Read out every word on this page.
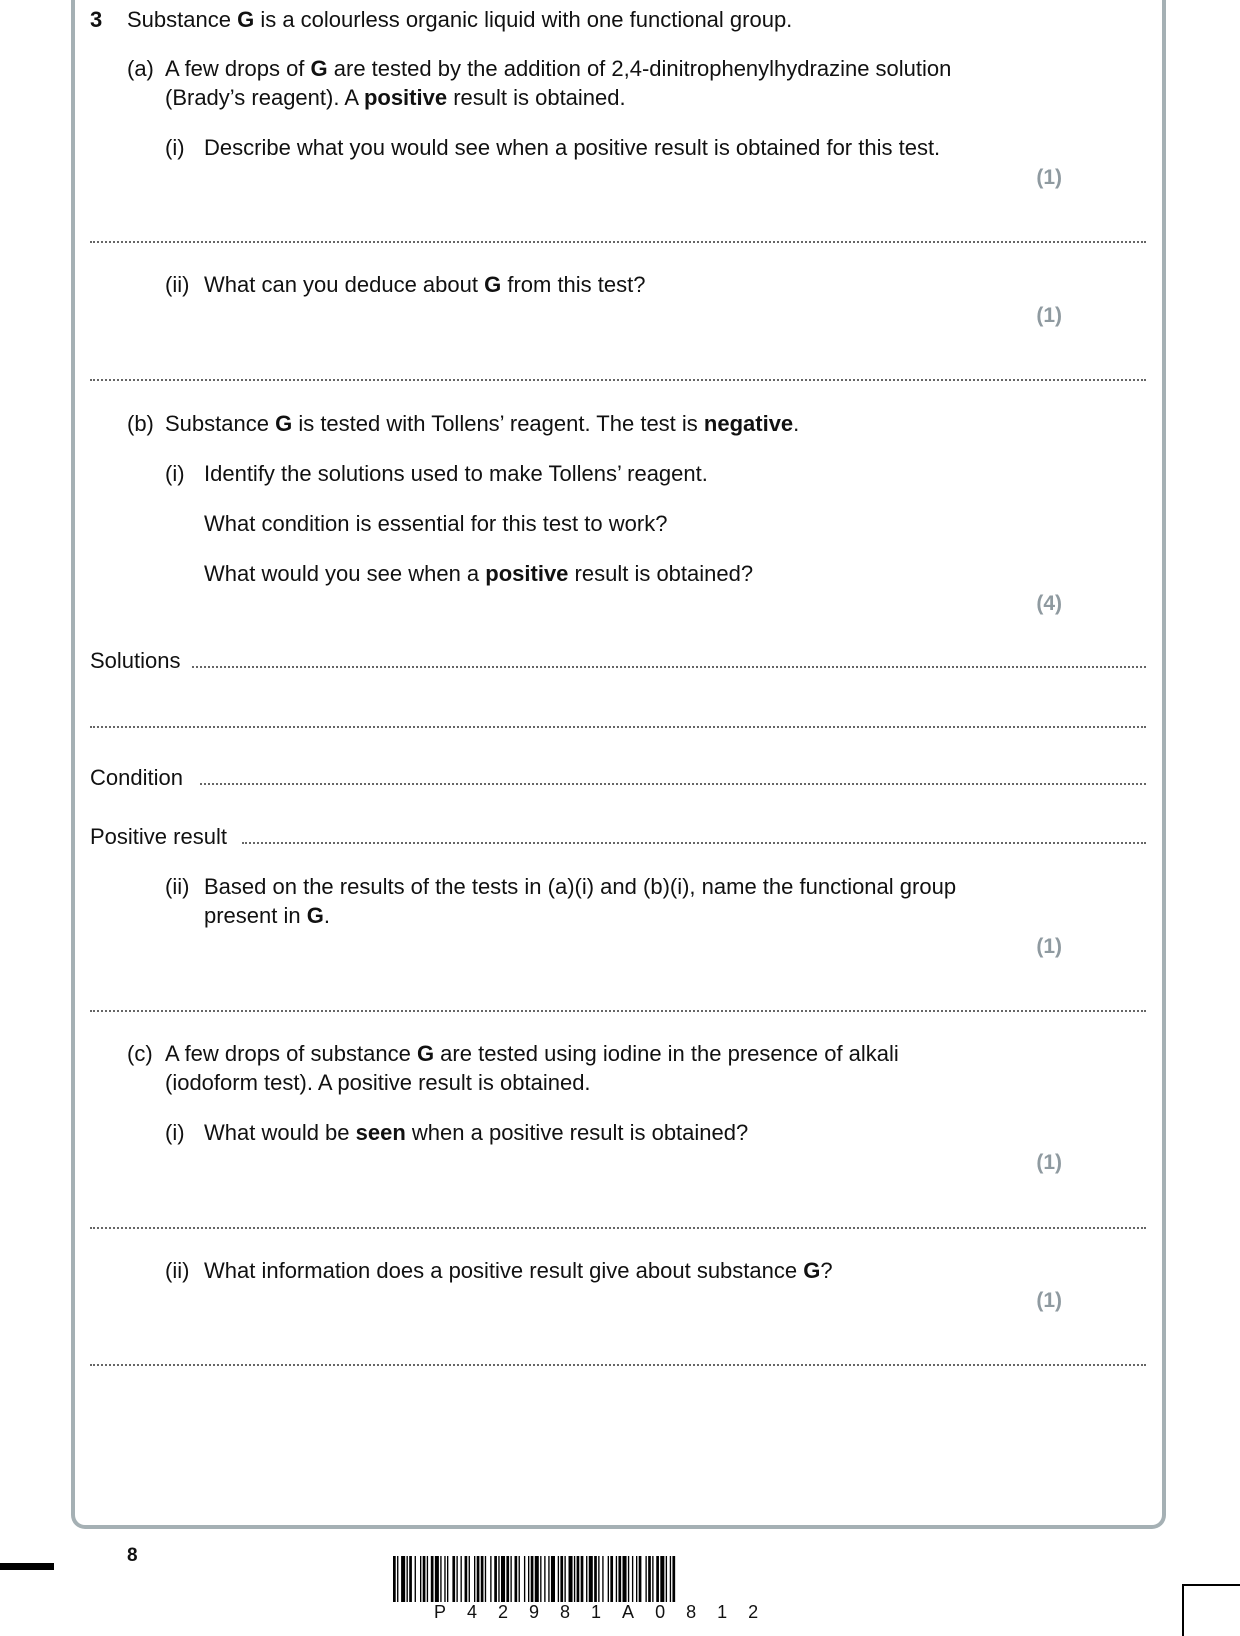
3 Substance G is a colourless organic liquid with one functional group.
(a) A few drops of G are tested by the addition of 2,4-dinitrophenylhydrazine solution
(Brady’s reagent). A positive result is obtained.
(i) Describe what you would see when a positive result is obtained for this test.
(1)
(ii) What can you deduce about G from this test?
(1)
(b) Substance G is tested with Tollens’ reagent. The test is negative.
(i) Identify the solutions used to make Tollens’ reagent.
What condition is essential for this test to work?
What would you see when a positive result is obtained?
(4)
Solutions
Condition
Positive result
(ii) Based on the results of the tests in (a)(i) and (b)(i), name the functional group
present in G.
(1)
(c) A few drops of substance G are tested using iodine in the presence of alkali
(iodoform test). A positive result is obtained.
(i) What would be seen when a positive result is obtained?
(1)
(ii) What information does a positive result give about substance G?
(1)
8
P42981A0812
